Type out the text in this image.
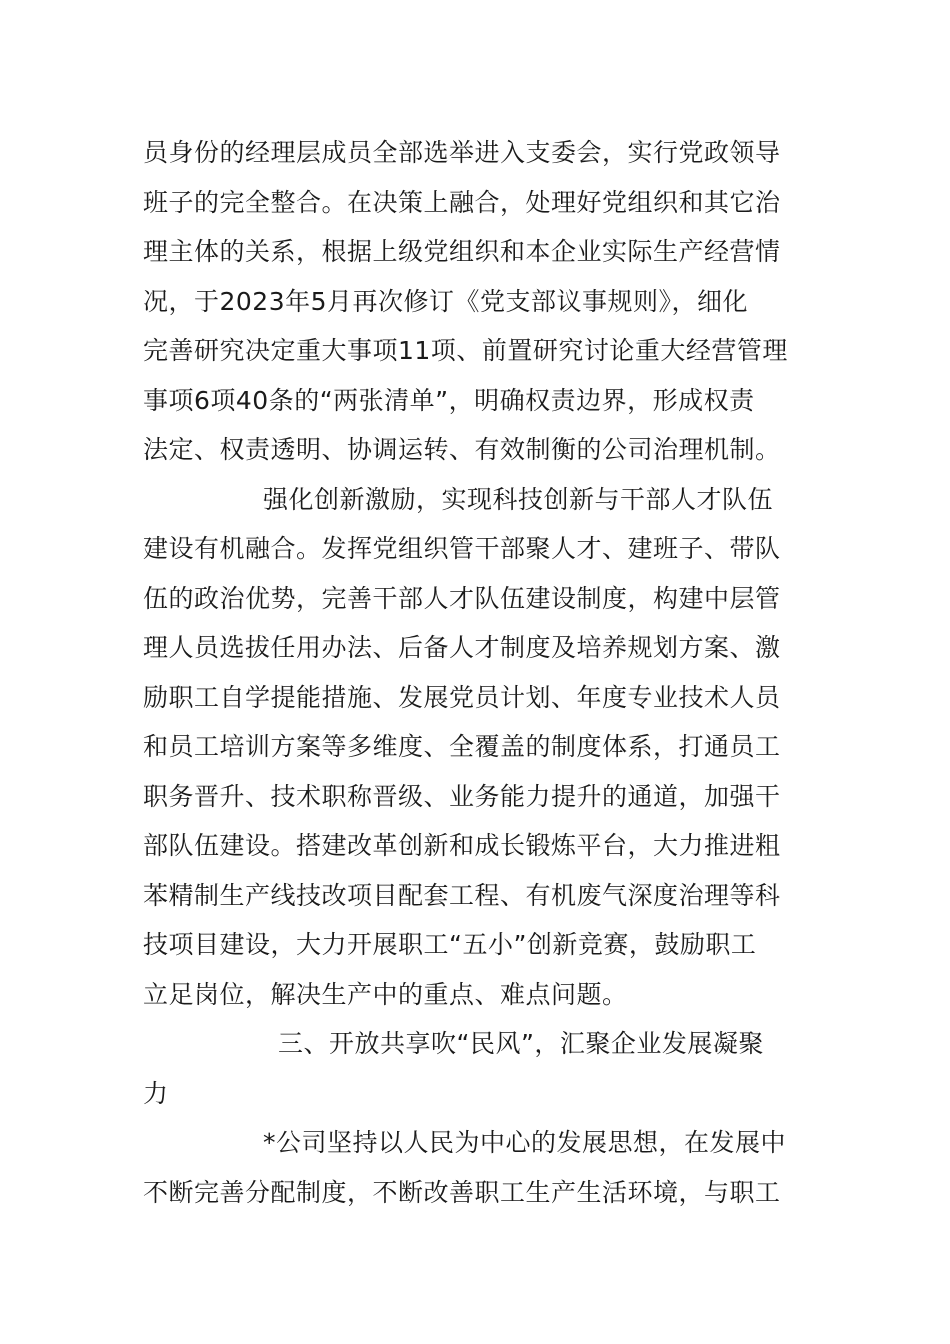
员身份的经理层成员全部选举进入支委会，实行党政领导
班子的完全整合。在决策上融合，处理好党组织和其它治
理主体的关系，根据上级党组织和本企业实际生产经营情
况，于2023年5月再次修订《党支部议事规则》，细化
完善研究决定重大事项11项、前置研究讨论重大经营管理
事项6项40条的“两张清单”，明确权责边界，形成权责
法定、权责透明、协调运转、有效制衡的公司治理机制。
强化创新激励，实现科技创新与干部人才队伍
建设有机融合。发挥党组织管干部聚人才、建班子、带队
伍的政治优势，完善干部人才队伍建设制度，构建中层管
理人员选拔任用办法、后备人才制度及培养规划方案、激
励职工自学提能措施、发展党员计划、年度专业技术人员
和员工培训方案等多维度、全覆盖的制度体系，打通员工
职务晋升、技术职称晋级、业务能力提升的通道，加强干
部队伍建设。搭建改革创新和成长锻炼平台，大力推进粗
苯精制生产线技改项目配套工程、有机废气深度治理等科
技项目建设，大力开展职工“五小”创新竞赛，鼓励职工
立足岗位，解决生产中的重点、难点问题。
三、开放共享吹“民风”，汇聚企业发展凝聚
力
*公司坚持以人民为中心的发展思想，在发展中
不断完善分配制度，不断改善职工生产生活环境，与职工
